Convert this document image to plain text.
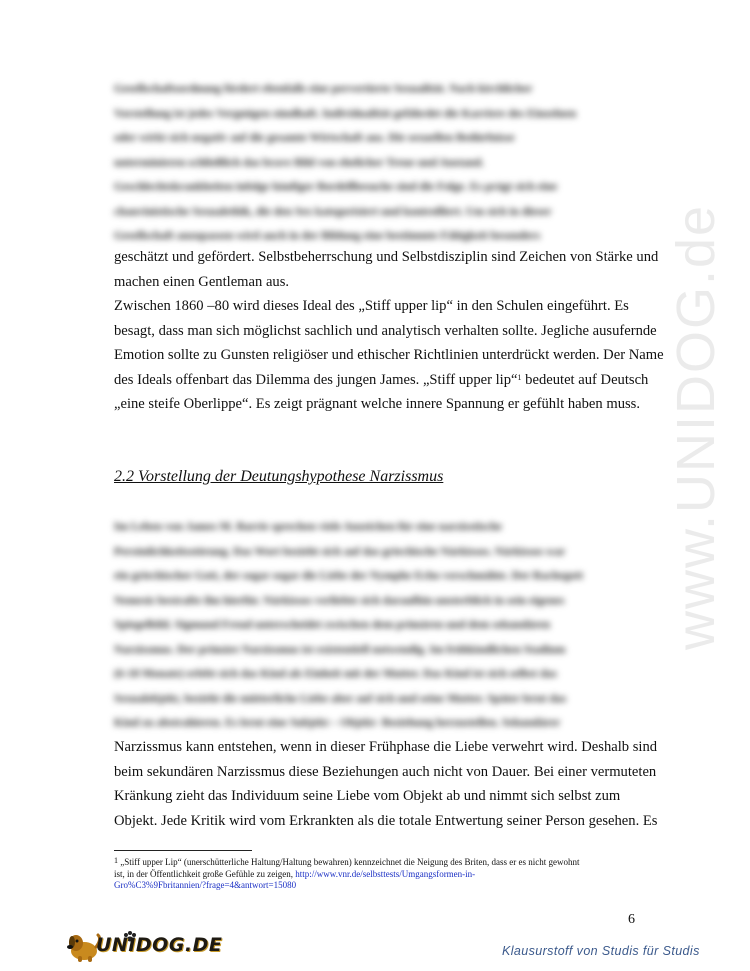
www.UNIDOG.de
Gesellschaftsordnung fördert ebenfalls eine pervertierte Sexualität. Nach kirchlicher
Vorstellung ist jedes Vergnügen sündhaft. Individualität gefährdet die Karriere des Einzelnen
oder wirkt sich negativ auf die gesamte Wirtschaft aus. Die sexuellen Bedürfnisse
unterminieren schließlich das brave Bild von ehelicher Treue und Anstand.
Geschlechtskrankheiten infolge häufiger Bordellbesuche sind die Folge. Es prägt sich eine
chauvinistische Sexualethik, die den Sex kategorisiert und kontrolliert. Um sich in dieser
Gesellschaft anzupassen wird auch in der Bildung eine bestimmte Fähigkeit besonders
geschätzt und gefördert. Selbstbeherrschung und Selbstdisziplin sind Zeichen von Stärke und
machen einen Gentleman aus.
Zwischen 1860 –80 wird dieses Ideal des „Stiff upper lip“ in den Schulen eingeführt. Es
besagt, dass man sich möglichst sachlich und analytisch verhalten sollte. Jegliche ausufernde
Emotion sollte zu Gunsten religiöser und ethischer Richtlinien unterdrückt werden. Der Name
des Ideals offenbart das Dilemma des jungen James. „Stiff upper lip“$^1$ bedeutet auf Deutsch
„eine steife Oberlippe“. Es zeigt prägnant welche innere Spannung er gefühlt haben muss.
2.2 Vorstellung der Deutungshypothese Narzissmus
Im Leben von James M. Barrie sprechen viele Anzeichen für eine narzisstische
Persönlichkeitsstörung. Das Wort bezieht sich auf das griechische Närkissos. Närkissos war
ein griechischer Gott, der sogar sogar die Liebe der Nymphe Echo verschmähte. Der Rachegott
Nemesis bestrafte ihn hierfür. Närkissos verliebte sich daraufhin unsterblich in sein eigenes
Spiegelbild. Sigmund Freud unterscheidet zwischen dem primären und dem sekundären
Narzissmus. Der primäre Narzissmus ist existentiell notwendig. Im frühkindlichen Stadium
(6-18 Monate) erlebt sich das Kind als Einheit mit der Mutter. Das Kind ist sich selbst das
Sexualobjekt, bezieht die mütterliche Liebe aber auf sich und seine Mutter. Später lernt das
Kind zu abstrahieren. Es lernt eine Subjekt – Objekt- Beziehung herzustellen. Sekundärer
Narzissmus kann entstehen, wenn in dieser Frühphase die Liebe verwehrt wird. Deshalb sind
beim sekundären Narzissmus diese Beziehungen auch nicht von Dauer. Bei einer vermuteten
Kränkung zieht das Individuum seine Liebe vom Objekt ab und nimmt sich selbst zum
Objekt. Jede Kritik wird vom Erkrankten als die totale Entwertung seiner Person gesehen. Es
$^1$ „Stiff upper Lip“ (unerschütterliche Haltung/Haltung bewahren) kennzeichnet die Neigung des Briten, dass er es nicht gewohnt
ist, in der Öffentlichkeit große Gefühle zu zeigen, http://www.vnr.de/selbsttests/Umgangsformen-in-
Gro%C3%9Fbritannien/?frage=4&antwort=15080
6
UNIDOG.DE	Klausurstoff von Studis für Studis
